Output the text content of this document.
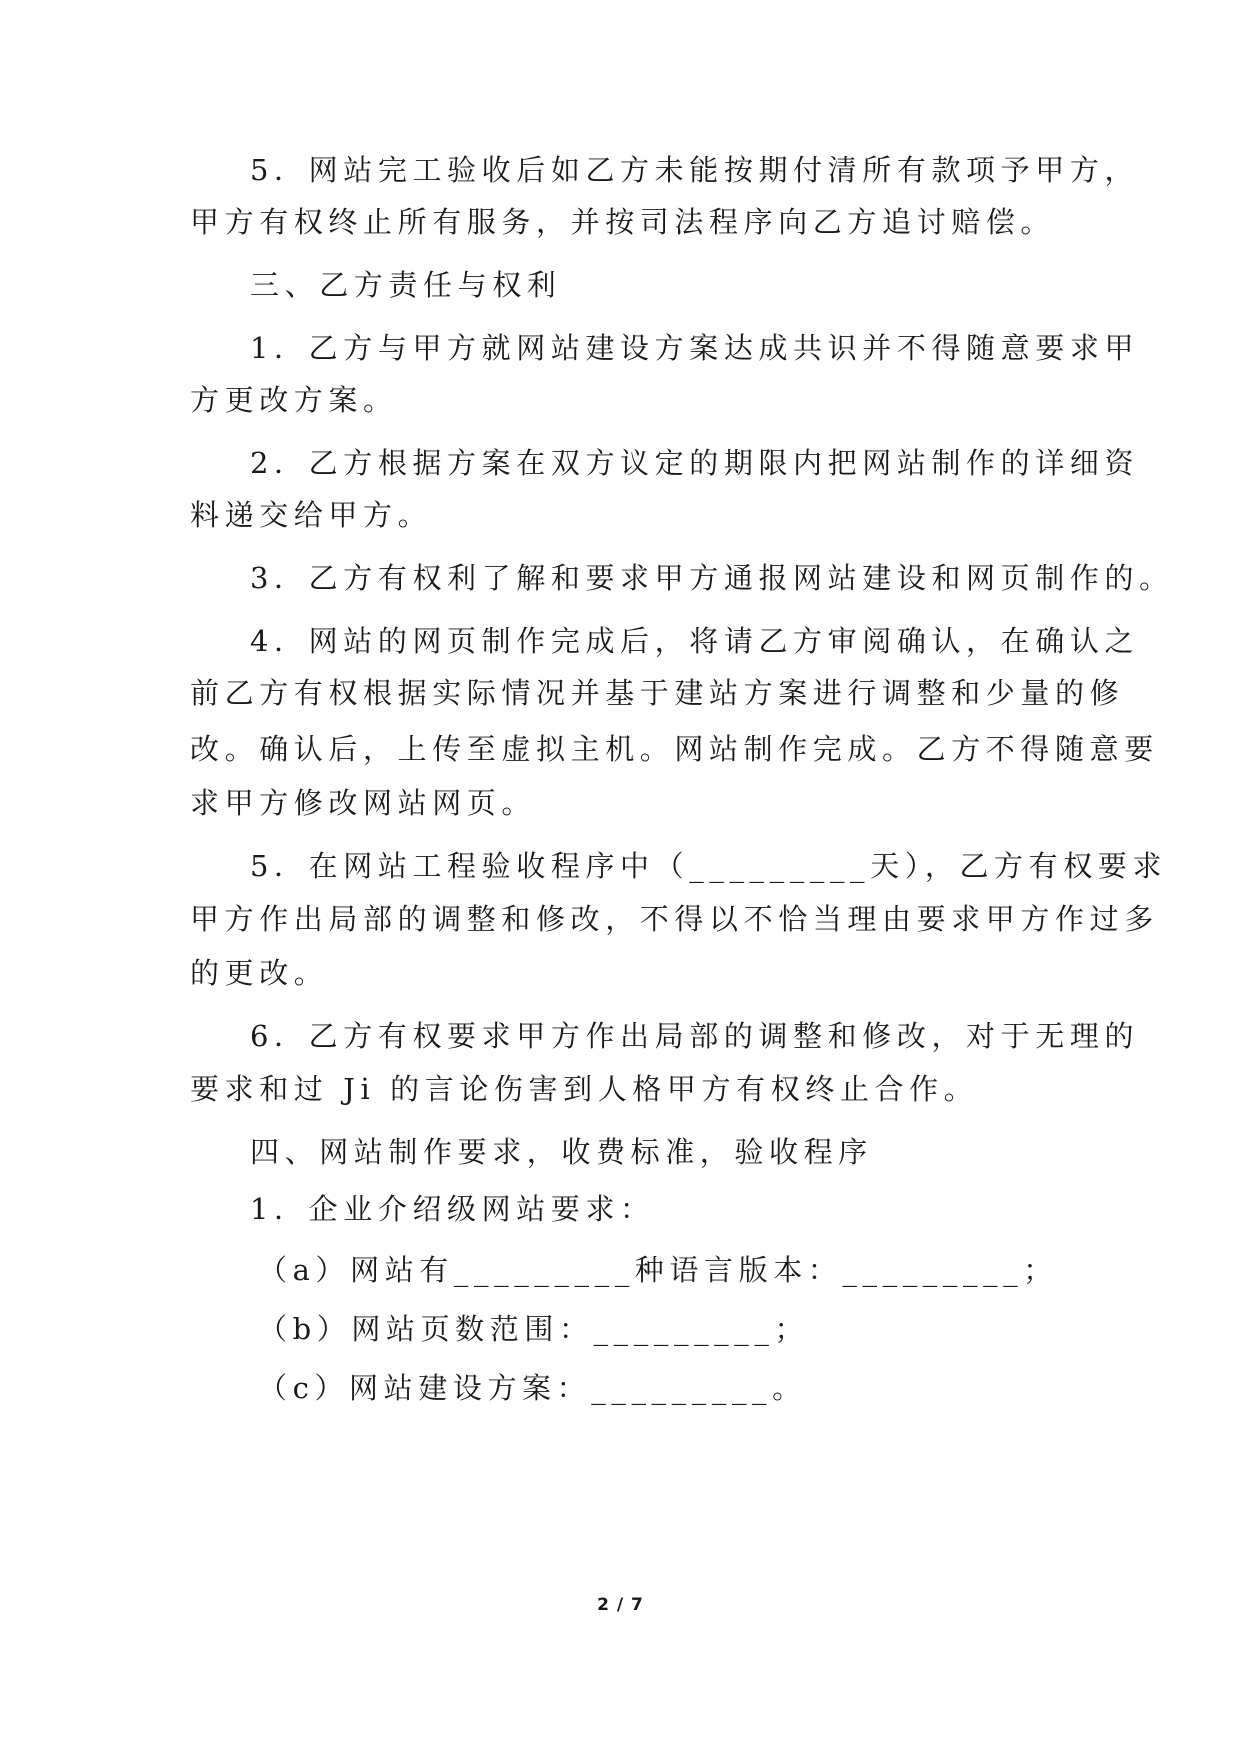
5．网站完工验收后如乙方未能按期付清所有款项予甲方，
甲方有权终止所有服务，并按司法程序向乙方追讨赔偿。
三、乙方责任与权利
1．乙方与甲方就网站建设方案达成共识并不得随意要求甲
方更改方案。
2．乙方根据方案在双方议定的期限内把网站制作的详细资
料递交给甲方。
3．乙方有权利了解和要求甲方通报网站建设和网页制作的。
4．网站的网页制作完成后，将请乙方审阅确认，在确认之
前乙方有权根据实际情况并基于建站方案进行调整和少量的修
改。确认后，上传至虚拟主机。网站制作完成。乙方不得随意要
求甲方修改网站网页。
5．在网站工程验收程序中（_________天），乙方有权要求
甲方作出局部的调整和修改，不得以不恰当理由要求甲方作过多
的更改。
6．乙方有权要求甲方作出局部的调整和修改，对于无理的
要求和过 Ji 的言论伤害到人格甲方有权终止合作。
四、网站制作要求，收费标准，验收程序
1．企业介绍级网站要求：
（a）网站有_________种语言版本：_________；
（b）网站页数范围：_________；
（c）网站建设方案：_________。
2 / 7
